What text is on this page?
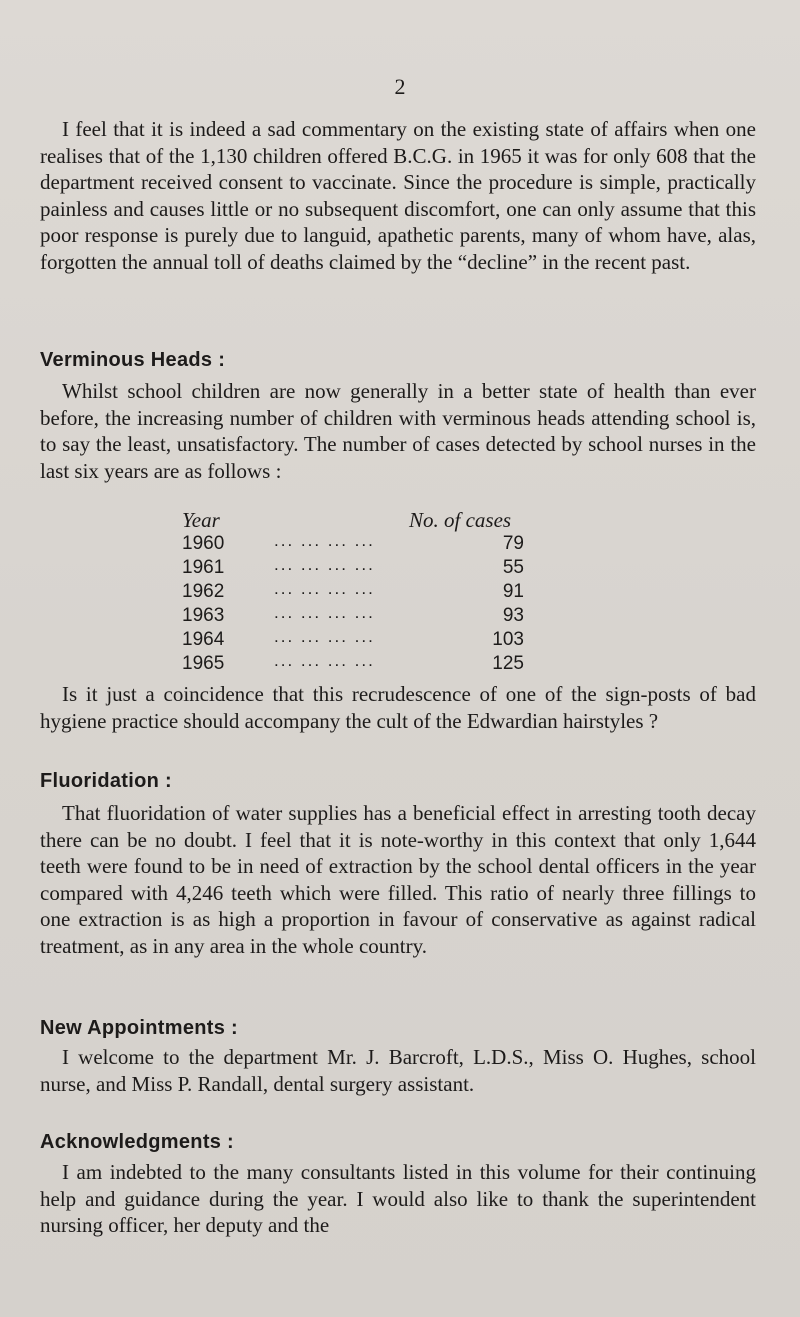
2

I feel that it is indeed a sad commentary on the existing state of affairs when one realises that of the 1,130 children offered B.C.G. in 1965 it was for only 608 that the department received consent to vaccinate. Since the procedure is simple, practically painless and causes little or no subsequent discomfort, one can only assume that this poor response is purely due to languid, apathetic parents, many of whom have, alas, forgotten the annual toll of deaths claimed by the “decline” in the recent past.

Verminous Heads :

Whilst school children are now generally in a better state of health than ever before, the increasing number of children with verminous heads attending school is, to say the least, unsatisfactory. The number of cases detected by school nurses in the last six years are as follows :

Year	No. of cases
1960	... ... ... ...	79
1961	... ... ... ...	55
1962	... ... ... ...	91
1963	... ... ... ...	93
1964	... ... ... ...	103
1965	... ... ... ...	125

Is it just a coincidence that this recrudescence of one of the sign-posts of bad hygiene practice should accompany the cult of the Edwardian hairstyles ?

Fluoridation :

That fluoridation of water supplies has a beneficial effect in arresting tooth decay there can be no doubt. I feel that it is note-worthy in this context that only 1,644 teeth were found to be in need of extraction by the school dental officers in the year compared with 4,246 teeth which were filled. This ratio of nearly three fillings to one extraction is as high a proportion in favour of conservative as against radical treatment, as in any area in the whole country.

New Appointments :

I welcome to the department Mr. J. Barcroft, L.D.S., Miss O. Hughes, school nurse, and Miss P. Randall, dental surgery assistant.

Acknowledgments :

I am indebted to the many consultants listed in this volume for their continuing help and guidance during the year. I would also like to thank the superintendent nursing officer, her deputy and the
